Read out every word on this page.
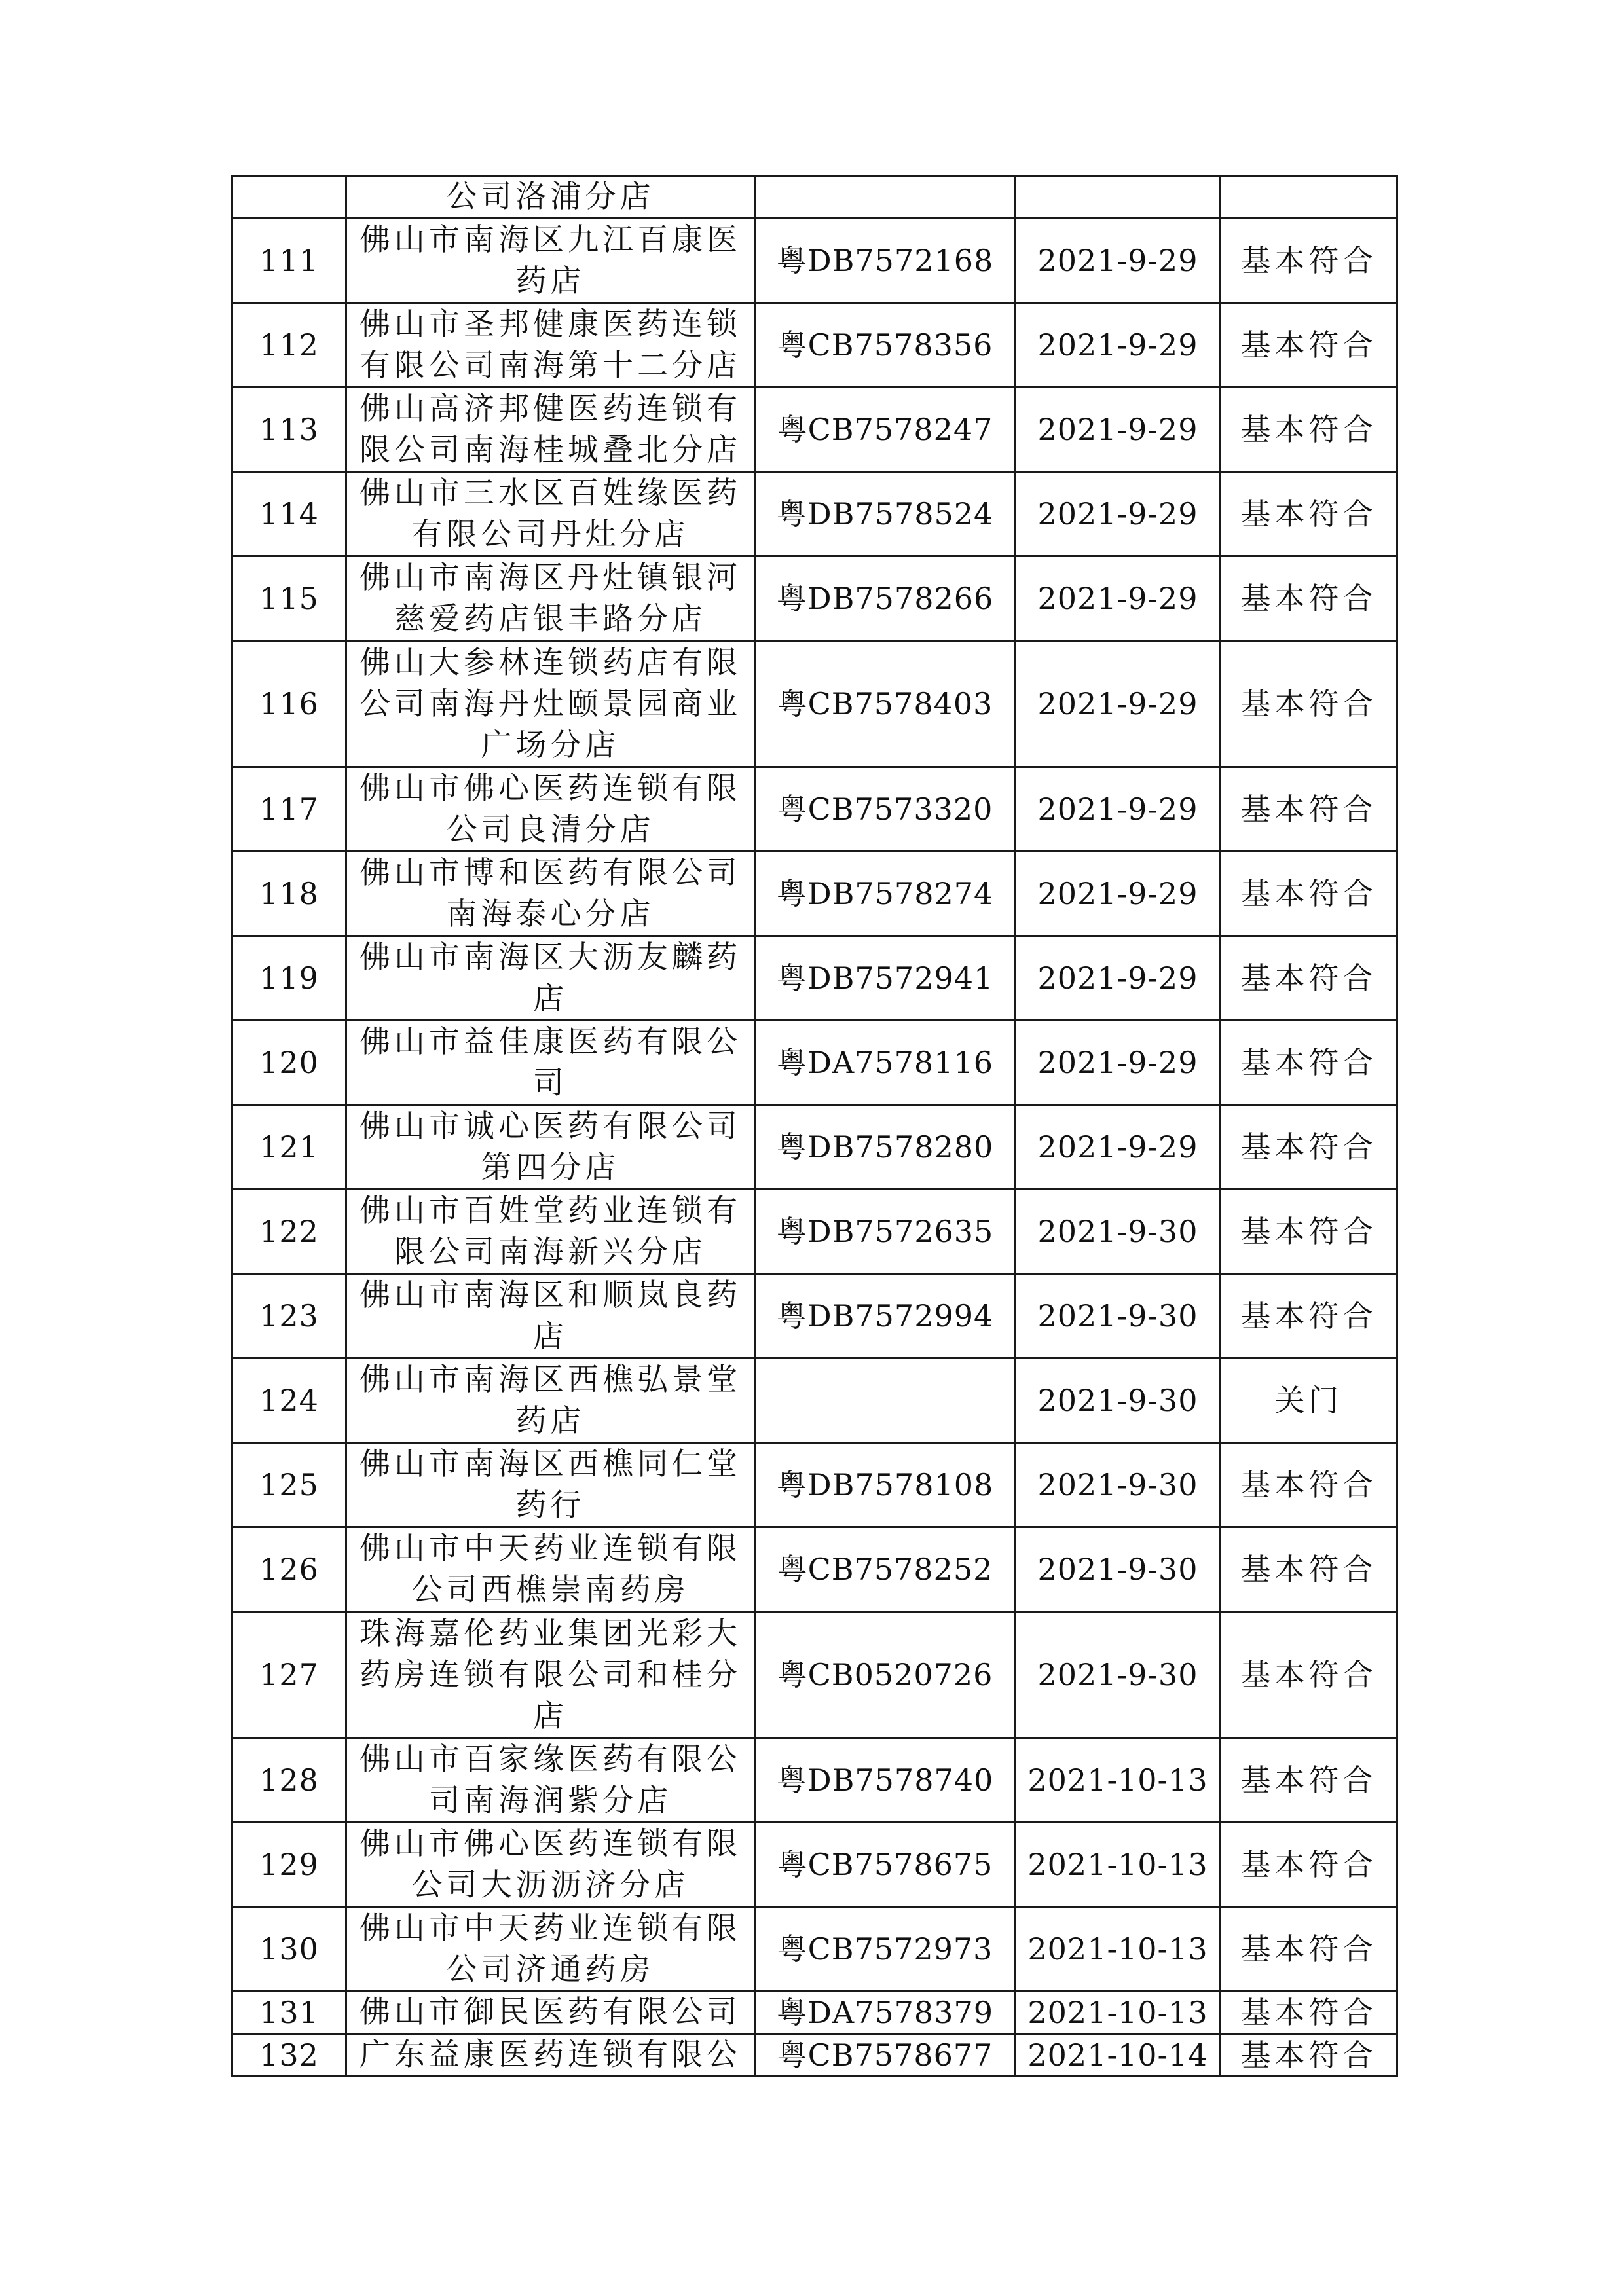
	公司洛浦分店			
111	佛山市南海区九江百康医药店	粤DB7572168	2021-9-29	基本符合
112	佛山市圣邦健康医药连锁有限公司南海第十二分店	粤CB7578356	2021-9-29	基本符合
113	佛山高济邦健医药连锁有限公司南海桂城叠北分店	粤CB7578247	2021-9-29	基本符合
114	佛山市三水区百姓缘医药有限公司丹灶分店	粤DB7578524	2021-9-29	基本符合
115	佛山市南海区丹灶镇银河慈爱药店银丰路分店	粤DB7578266	2021-9-29	基本符合
116	佛山大参林连锁药店有限公司南海丹灶颐景园商业广场分店	粤CB7578403	2021-9-29	基本符合
117	佛山市佛心医药连锁有限公司良清分店	粤CB7573320	2021-9-29	基本符合
118	佛山市博和医药有限公司南海泰心分店	粤DB7578274	2021-9-29	基本符合
119	佛山市南海区大沥友麟药店	粤DB7572941	2021-9-29	基本符合
120	佛山市益佳康医药有限公司	粤DA7578116	2021-9-29	基本符合
121	佛山市诚心医药有限公司第四分店	粤DB7578280	2021-9-29	基本符合
122	佛山市百姓堂药业连锁有限公司南海新兴分店	粤DB7572635	2021-9-30	基本符合
123	佛山市南海区和顺岚良药店	粤DB7572994	2021-9-30	基本符合
124	佛山市南海区西樵弘景堂药店		2021-9-30	关门
125	佛山市南海区西樵同仁堂药行	粤DB7578108	2021-9-30	基本符合
126	佛山市中天药业连锁有限公司西樵崇南药房	粤CB7578252	2021-9-30	基本符合
127	珠海嘉伦药业集团光彩大药房连锁有限公司和桂分店	粤CB0520726	2021-9-30	基本符合
128	佛山市百家缘医药有限公司南海润紫分店	粤DB7578740	2021-10-13	基本符合
129	佛山市佛心医药连锁有限公司大沥沥济分店	粤CB7578675	2021-10-13	基本符合
130	佛山市中天药业连锁有限公司济通药房	粤CB7572973	2021-10-13	基本符合
131	佛山市御民医药有限公司	粤DA7578379	2021-10-13	基本符合
132	广东益康医药连锁有限公	粤CB7578677	2021-10-14	基本符合
